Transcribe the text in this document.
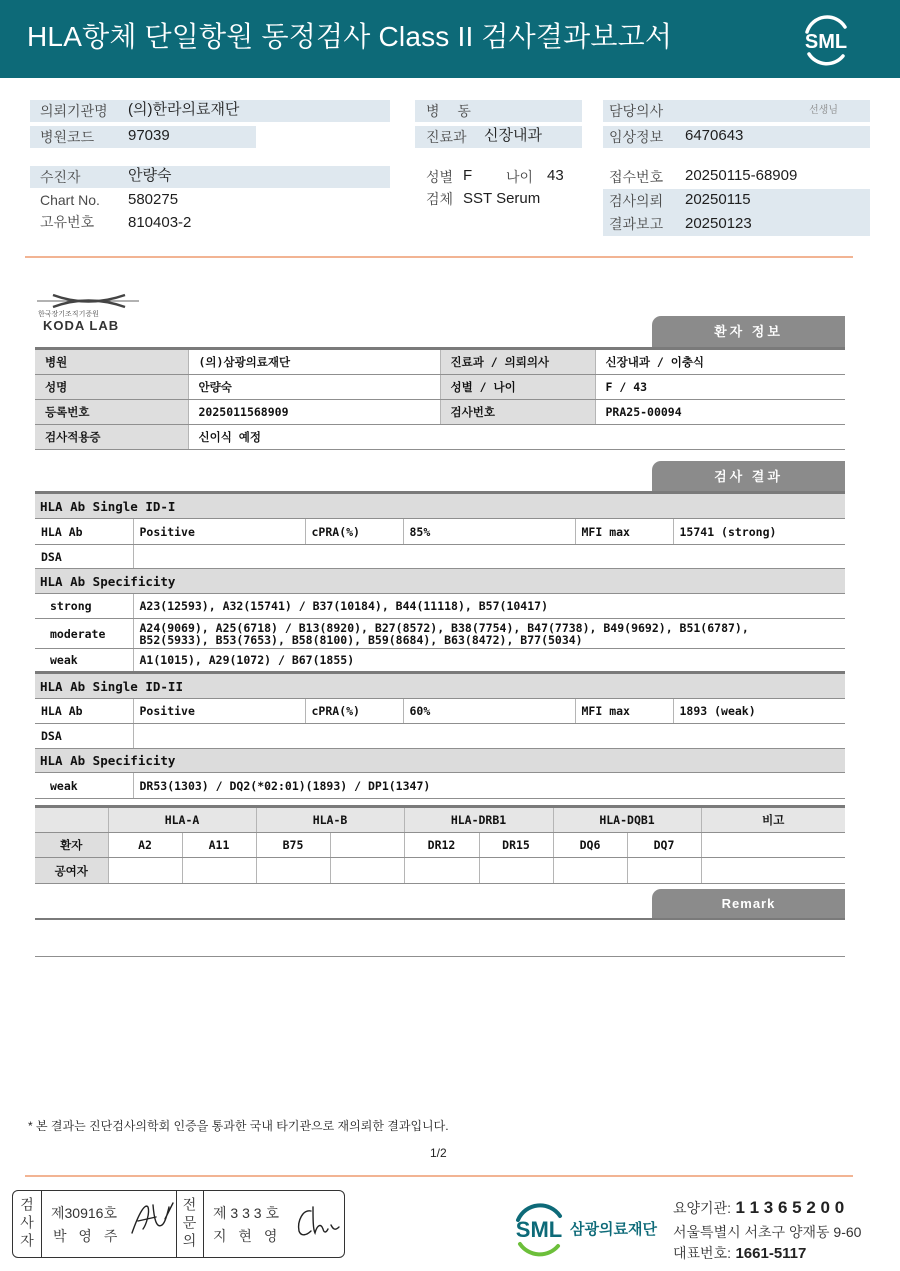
HLA항체 단일항원 동정검사 Class II 검사결과보고서	SML
의뢰기관명 (의)한라의료재단	병 동	담당의사	선생님
병원코드 97039	진료과 신장내과	임상정보 6470643
수진자	안량숙	성별 F 나이 43	접수번호 20250115-68909
Chart No. 580275	검체 SST Serum	검사의뢰 20250115
고유번호 810403-2	결과보고 20250123
한국장기조직기증원
KODA LAB	환자 정보
병원	(의)삼광의료재단	진료과 / 의뢰의사	신장내과 / 이충식
성명	안량숙	성별 / 나이	F / 43
등록번호	2025011568909	검사번호	PRA25-00094
검사적용증	신이식 예정		
검사 결과
HLA Ab Single ID-I					
HLA Ab	Positive	cPRA(%)	85%	MFI max	15741 (strong)
DSA					
HLA Ab Specificity					
strong	A23(12593), A32(15741) / B37(10184), B44(11118), B57(10417)				
moderate	A24(9069), A25(6718) / B13(8920), B27(8572), B38(7754), B47(7738), B49(9692), B51(6787),
B52(5933), B53(7653), B58(8100), B59(8684), B63(8472), B77(5034)				

weak	A1(1015), A29(1072) / B67(1855)				
HLA Ab Single ID-II					
HLA Ab	Positive	cPRA(%)	60%	MFI max	1893 (weak)
DSA					
HLA Ab Specificity					
weak	DR53(1303) / DQ2(*02:01)(1893) / DP1(1347)				
	HLA-A		HLA-B		HLA-DRB1		HLA-DQB1		비고
환자	A2	A11	B75		DR12	DR15	DQ6	DQ7	
공여자									
Remark
* 본 결과는 진단검사의학회 인증을 통과한 국내 타기관으로 재의뢰한 결과입니다.
1/2
검사자	제30916호
박 영 주	전문의	제 3 3 3 호
지 현 영	SML 삼광의료재단
요양기관: 1 1 3 6 5 2 0 0
서울특별시 서초구 양재동 9-60
대표번호: 1661-5117
